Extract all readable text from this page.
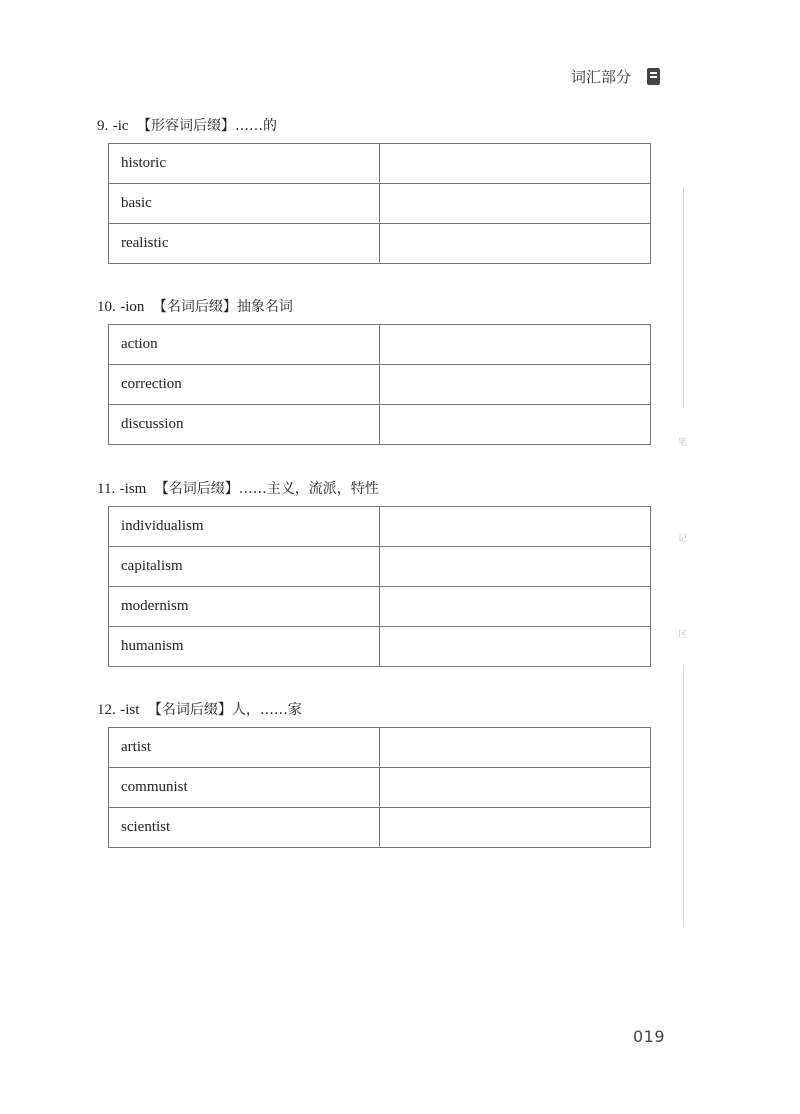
词汇部分

9. -ic 【形容词后缀】……的

historic	
basic	
realistic	

10. -ion 【名词后缀】抽象名词

action	
correction	
discussion	

11. -ism 【名词后缀】……主义，流派，特性

individualism	
capitalism	
modernism	
humanism	

12. -ist 【名词后缀】人，……家

artist	
communist	
scientist	
笔
记
区
019
